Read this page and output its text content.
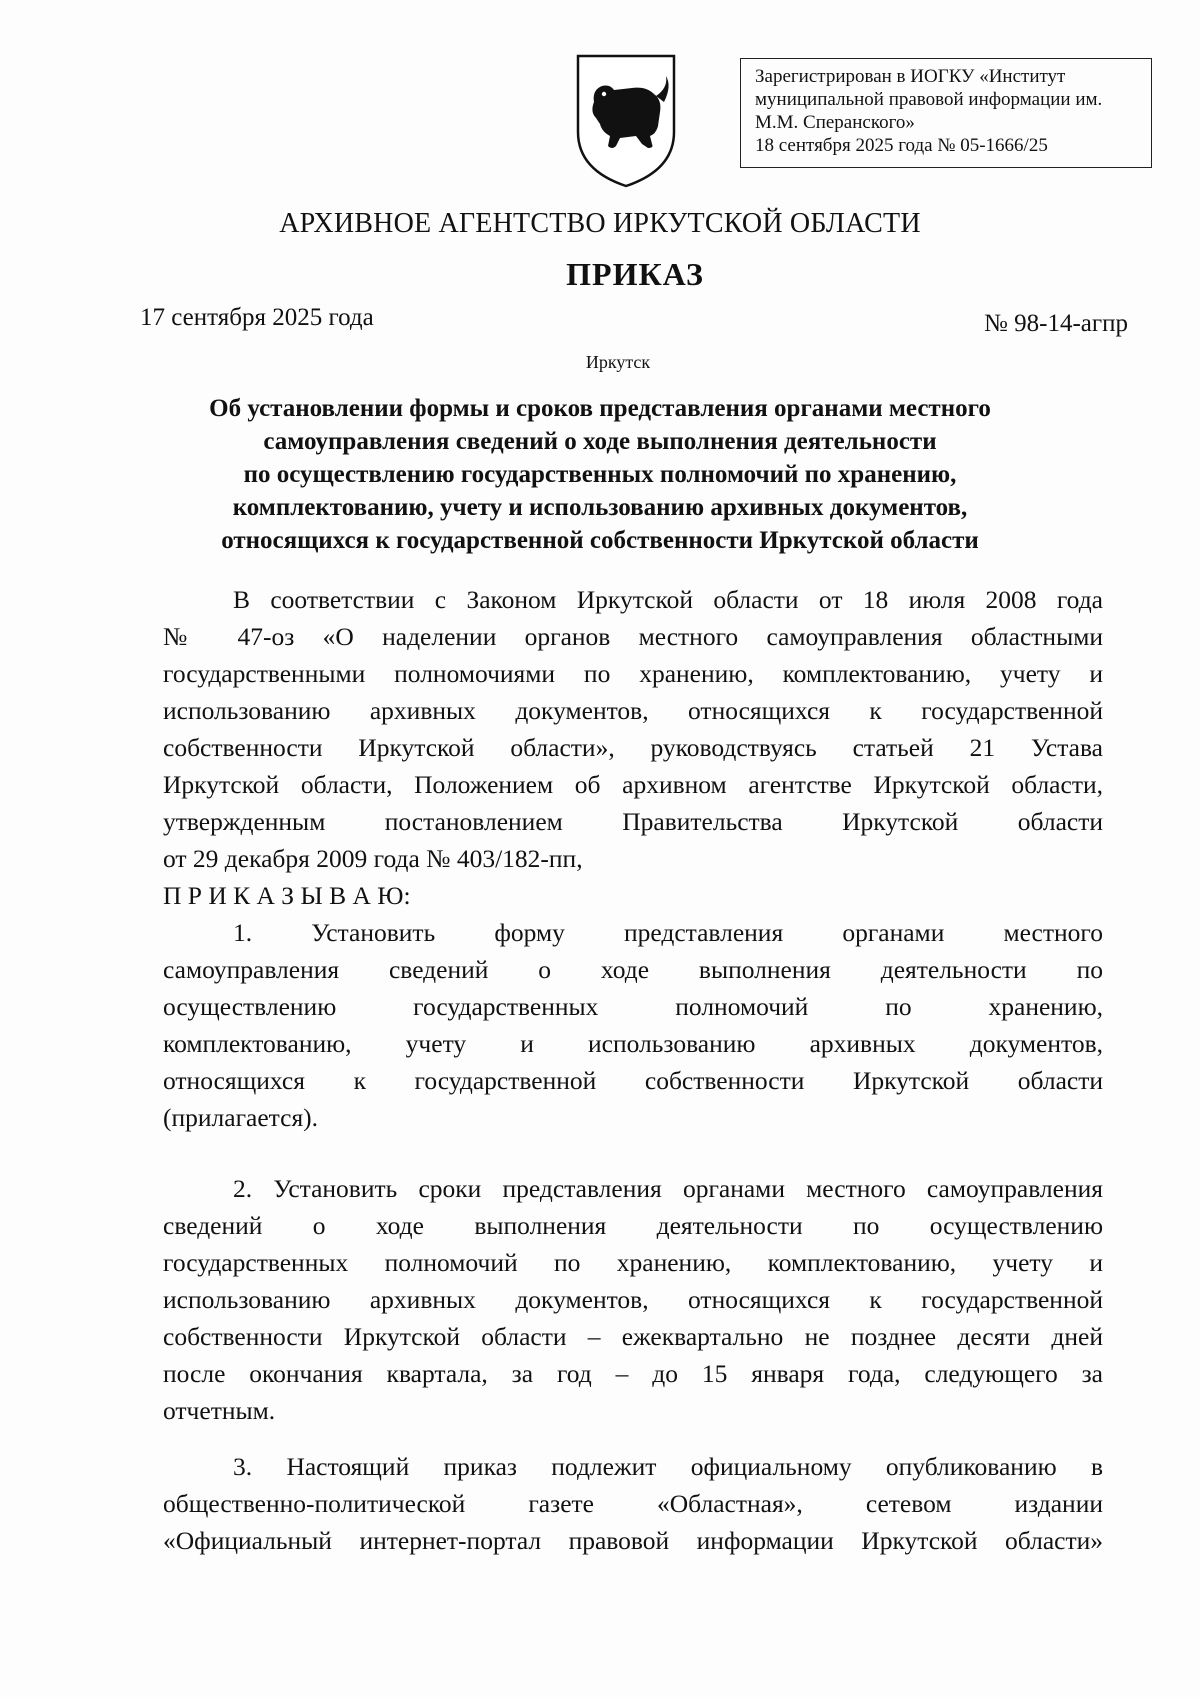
Зарегистрирован в ИОГКУ «Институт
муниципальной правовой информации им.
М.М. Сперанского»
18 сентября 2025 года № 05-1666/25
АРХИВНОЕ АГЕНТСТВО ИРКУТСКОЙ ОБЛАСТИ
ПРИКАЗ
17 сентября 2025 года	№ 98-14-агпр
Иркутск
Об установлении формы и сроков представления органами местного
самоуправления сведений о ходе выполнения деятельности
по осуществлению государственных полномочий по хранению,
комплектованию, учету и использованию архивных документов,
относящихся к государственной собственности Иркутской области
В соответствии с Законом Иркутской области от 18 июля 2008 года
№ 47-оз «О наделении органов местного самоуправления областными
государственными полномочиями по хранению, комплектованию, учету и
использованию архивных документов, относящихся к государственной
собственности Иркутской области», руководствуясь статьей 21 Устава
Иркутской области, Положением об архивном агентстве Иркутской области,
утвержденным постановлением Правительства Иркутской области
от 29 декабря 2009 года № 403/182-пп,
П Р И К А З Ы В А Ю:
1. Установить форму представления органами местного
самоуправления сведений о ходе выполнения деятельности по
осуществлению государственных полномочий по хранению,
комплектованию, учету и использованию архивных документов,
относящихся к государственной собственности Иркутской области
(прилагается).
2. Установить сроки представления органами местного самоуправления
сведений о ходе выполнения деятельности по осуществлению
государственных полномочий по хранению, комплектованию, учету и
использованию архивных документов, относящихся к государственной
собственности Иркутской области – ежеквартально не позднее десяти дней
после окончания квартала, за год – до 15 января года, следующего за
отчетным.
3. Настоящий приказ подлежит официальному опубликованию в
общественно-политической газете «Областная», сетевом издании
«Официальный интернет-портал правовой информации Иркутской области»
